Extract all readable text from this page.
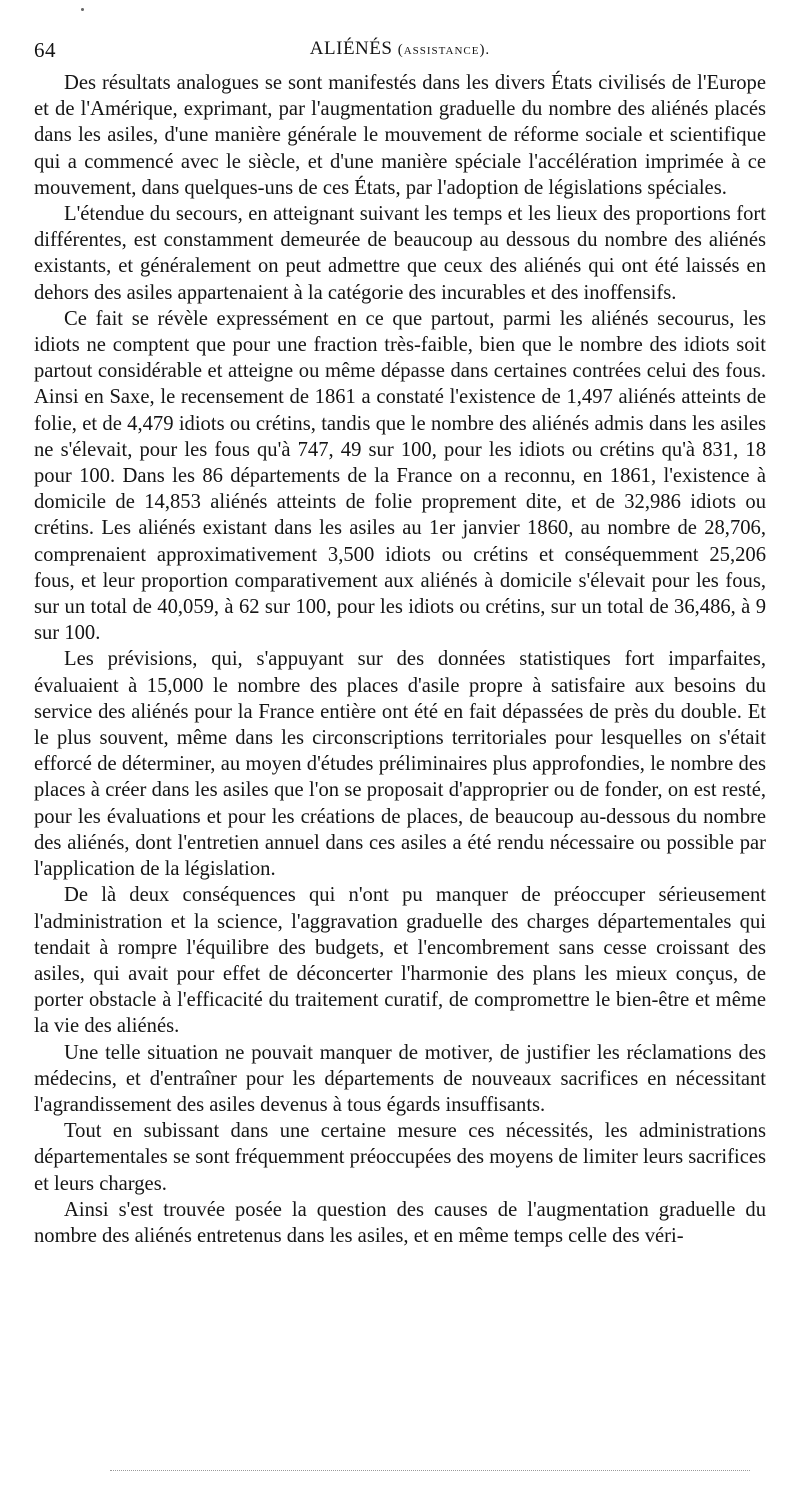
64	ALIÉNÉS (assistance).

Des résultats analogues se sont manifestés dans les divers États civilisés de l'Europe et de l'Amérique, exprimant, par l'augmentation graduelle du nombre des aliénés placés dans les asiles, d'une manière générale le mouvement de réforme sociale et scientifique qui a commencé avec le siècle, et d'une manière spéciale l'accélération imprimée à ce mouvement, dans quelques-uns de ces États, par l'adoption de législations spéciales.

L'étendue du secours, en atteignant suivant les temps et les lieux des proportions fort différentes, est constamment demeurée de beaucoup au dessous du nombre des aliénés existants, et généralement on peut admettre que ceux des aliénés qui ont été laissés en dehors des asiles appartenaient à la catégorie des incurables et des inoffensifs.

Ce fait se révèle expressément en ce que partout, parmi les aliénés secourus, les idiots ne comptent que pour une fraction très-faible, bien que le nombre des idiots soit partout considérable et atteigne ou même dépasse dans certaines contrées celui des fous. Ainsi en Saxe, le recensement de 1861 a constaté l'existence de 1,497 aliénés atteints de folie, et de 4,479 idiots ou crétins, tandis que le nombre des aliénés admis dans les asiles ne s'élevait, pour les fous qu'à 747, 49 sur 100, pour les idiots ou crétins qu'à 831, 18 pour 100. Dans les 86 départements de la France on a reconnu, en 1861, l'existence à domicile de 14,853 aliénés atteints de folie proprement dite, et de 32,986 idiots ou crétins. Les aliénés existant dans les asiles au 1er janvier 1860, au nombre de 28,706, comprenaient approximativement 3,500 idiots ou crétins et conséquemment 25,206 fous, et leur proportion comparativement aux aliénés à domicile s'élevait pour les fous, sur un total de 40,059, à 62 sur 100, pour les idiots ou crétins, sur un total de 36,486, à 9 sur 100.

Les prévisions, qui, s'appuyant sur des données statistiques fort imparfaites, évaluaient à 15,000 le nombre des places d'asile propre à satisfaire aux besoins du service des aliénés pour la France entière ont été en fait dépassées de près du double. Et le plus souvent, même dans les circonscriptions territoriales pour lesquelles on s'était efforcé de déterminer, au moyen d'études préliminaires plus approfondies, le nombre des places à créer dans les asiles que l'on se proposait d'approprier ou de fonder, on est resté, pour les évaluations et pour les créations de places, de beaucoup au-dessous du nombre des aliénés, dont l'entretien annuel dans ces asiles a été rendu nécessaire ou possible par l'application de la législation.

De là deux conséquences qui n'ont pu manquer de préoccuper sérieusement l'administration et la science, l'aggravation graduelle des charges départementales qui tendait à rompre l'équilibre des budgets, et l'encombrement sans cesse croissant des asiles, qui avait pour effet de déconcerter l'harmonie des plans les mieux conçus, de porter obstacle à l'efficacité du traitement curatif, de compromettre le bien-être et même la vie des aliénés.

Une telle situation ne pouvait manquer de motiver, de justifier les réclamations des médecins, et d'entraîner pour les départements de nouveaux sacrifices en nécessitant l'agrandissement des asiles devenus à tous égards insuffisants.

Tout en subissant dans une certaine mesure ces nécessités, les administrations départementales se sont fréquemment préoccupées des moyens de limiter leurs sacrifices et leurs charges.

Ainsi s'est trouvée posée la question des causes de l'augmentation graduelle du nombre des aliénés entretenus dans les asiles, et en même temps celle des véri-
